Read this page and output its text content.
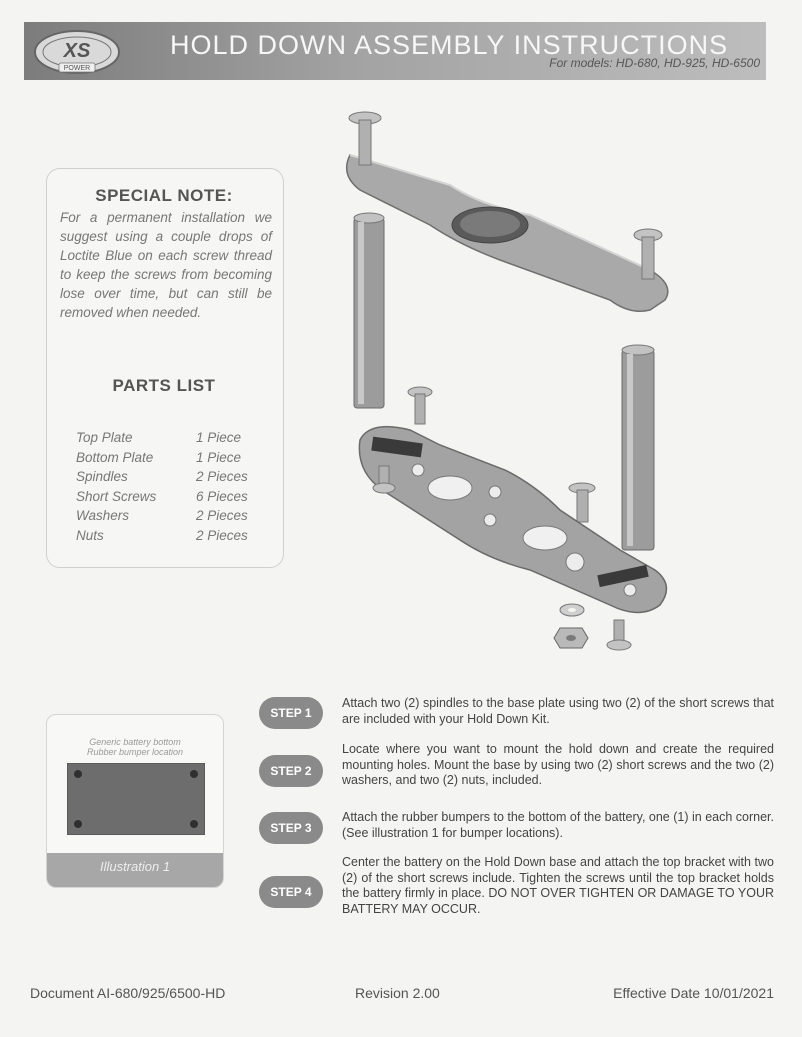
XS
POWER
HOLD DOWN ASSEMBLY INSTRUCTIONS
For models: HD-680, HD-925, HD-6500
SPECIAL NOTE:
For a permanent installation we suggest using a couple drops of Loctite Blue on each screw thread to keep the screws from becoming lose over time, but can still be removed when needed.
PARTS LIST
Top Plate	1 Piece
Bottom Plate	1 Piece
Spindles	2 Pieces
Short Screws	6 Pieces
Washers	2 Pieces
Nuts	2 Pieces
Generic battery bottom
Rubber bumper location
Illustration 1
STEP 1
Attach two (2) spindles to the base plate using two (2) of the short screws that are included with your Hold Down Kit.
STEP 2
Locate where you want to mount the hold down and create the required mounting holes. Mount the base by using two (2) short screws and the two (2) washers, and two (2) nuts, included.
STEP 3
Attach the rubber bumpers to the bottom of the battery, one (1) in each corner. (See illustration 1 for bumper locations).
STEP 4
Center the battery on the Hold Down base and attach the top bracket with two (2) of the short screws include. Tighten the screws until the top bracket holds the battery firmly in place. DO NOT OVER TIGHTEN OR DAMAGE TO YOUR BATTERY MAY OCCUR.
Document AI-680/925/6500-HD	Revision 2.00	Effective Date 10/01/2021
